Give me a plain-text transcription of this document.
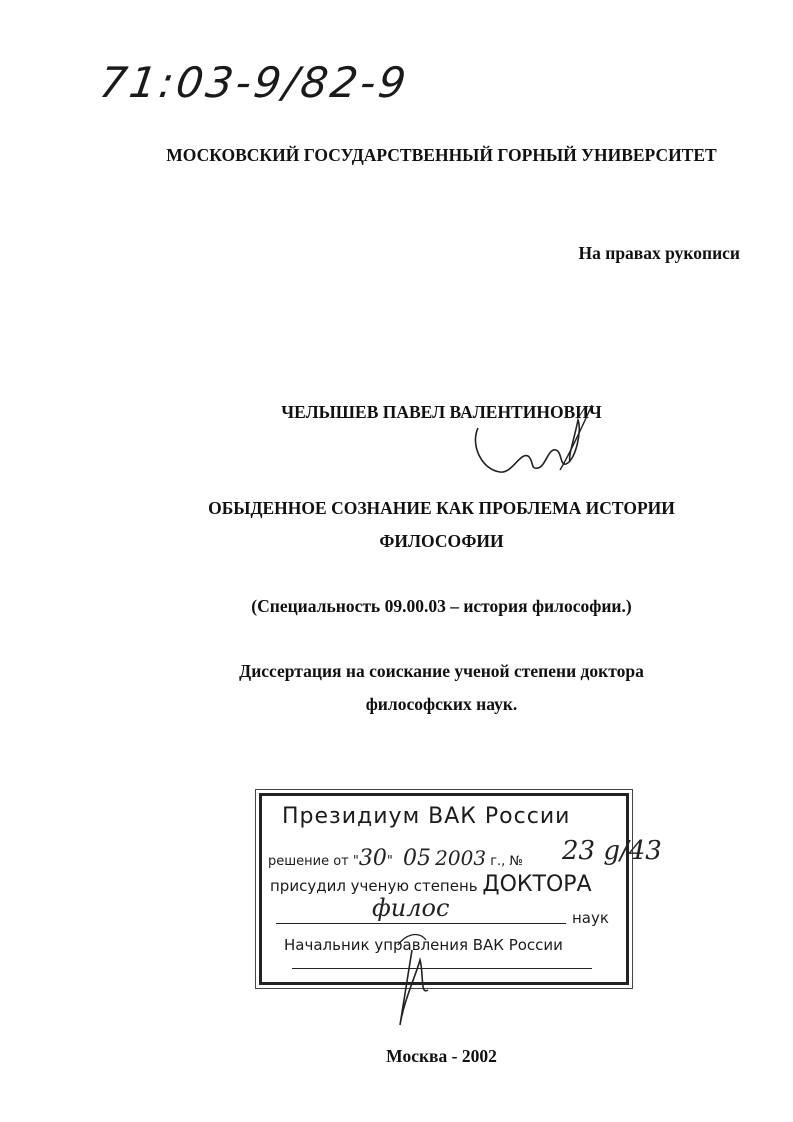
71:03-9/82-9
МОСКОВСКИЙ ГОСУДАРСТВЕННЫЙ ГОРНЫЙ УНИВЕРСИТЕТ
На правах рукописи
ЧЕЛЫШЕВ ПАВЕЛ ВАЛЕНТИНОВИЧ
ОБЫДЕННОЕ СОЗНАНИЕ КАК ПРОБЛЕМА ИСТОРИИ
ФИЛОСОФИИ
(Специальность 09.00.03 – история философии.)
Диссертация на соискание ученой степени доктора
философских наук.
Президиум ВАК России
решение от "30" 05 2003 г., № 23 g/43
присудил ученую степень ДОКТОРА
филос	наук
Начальник управления ВАК России
Москва - 2002
